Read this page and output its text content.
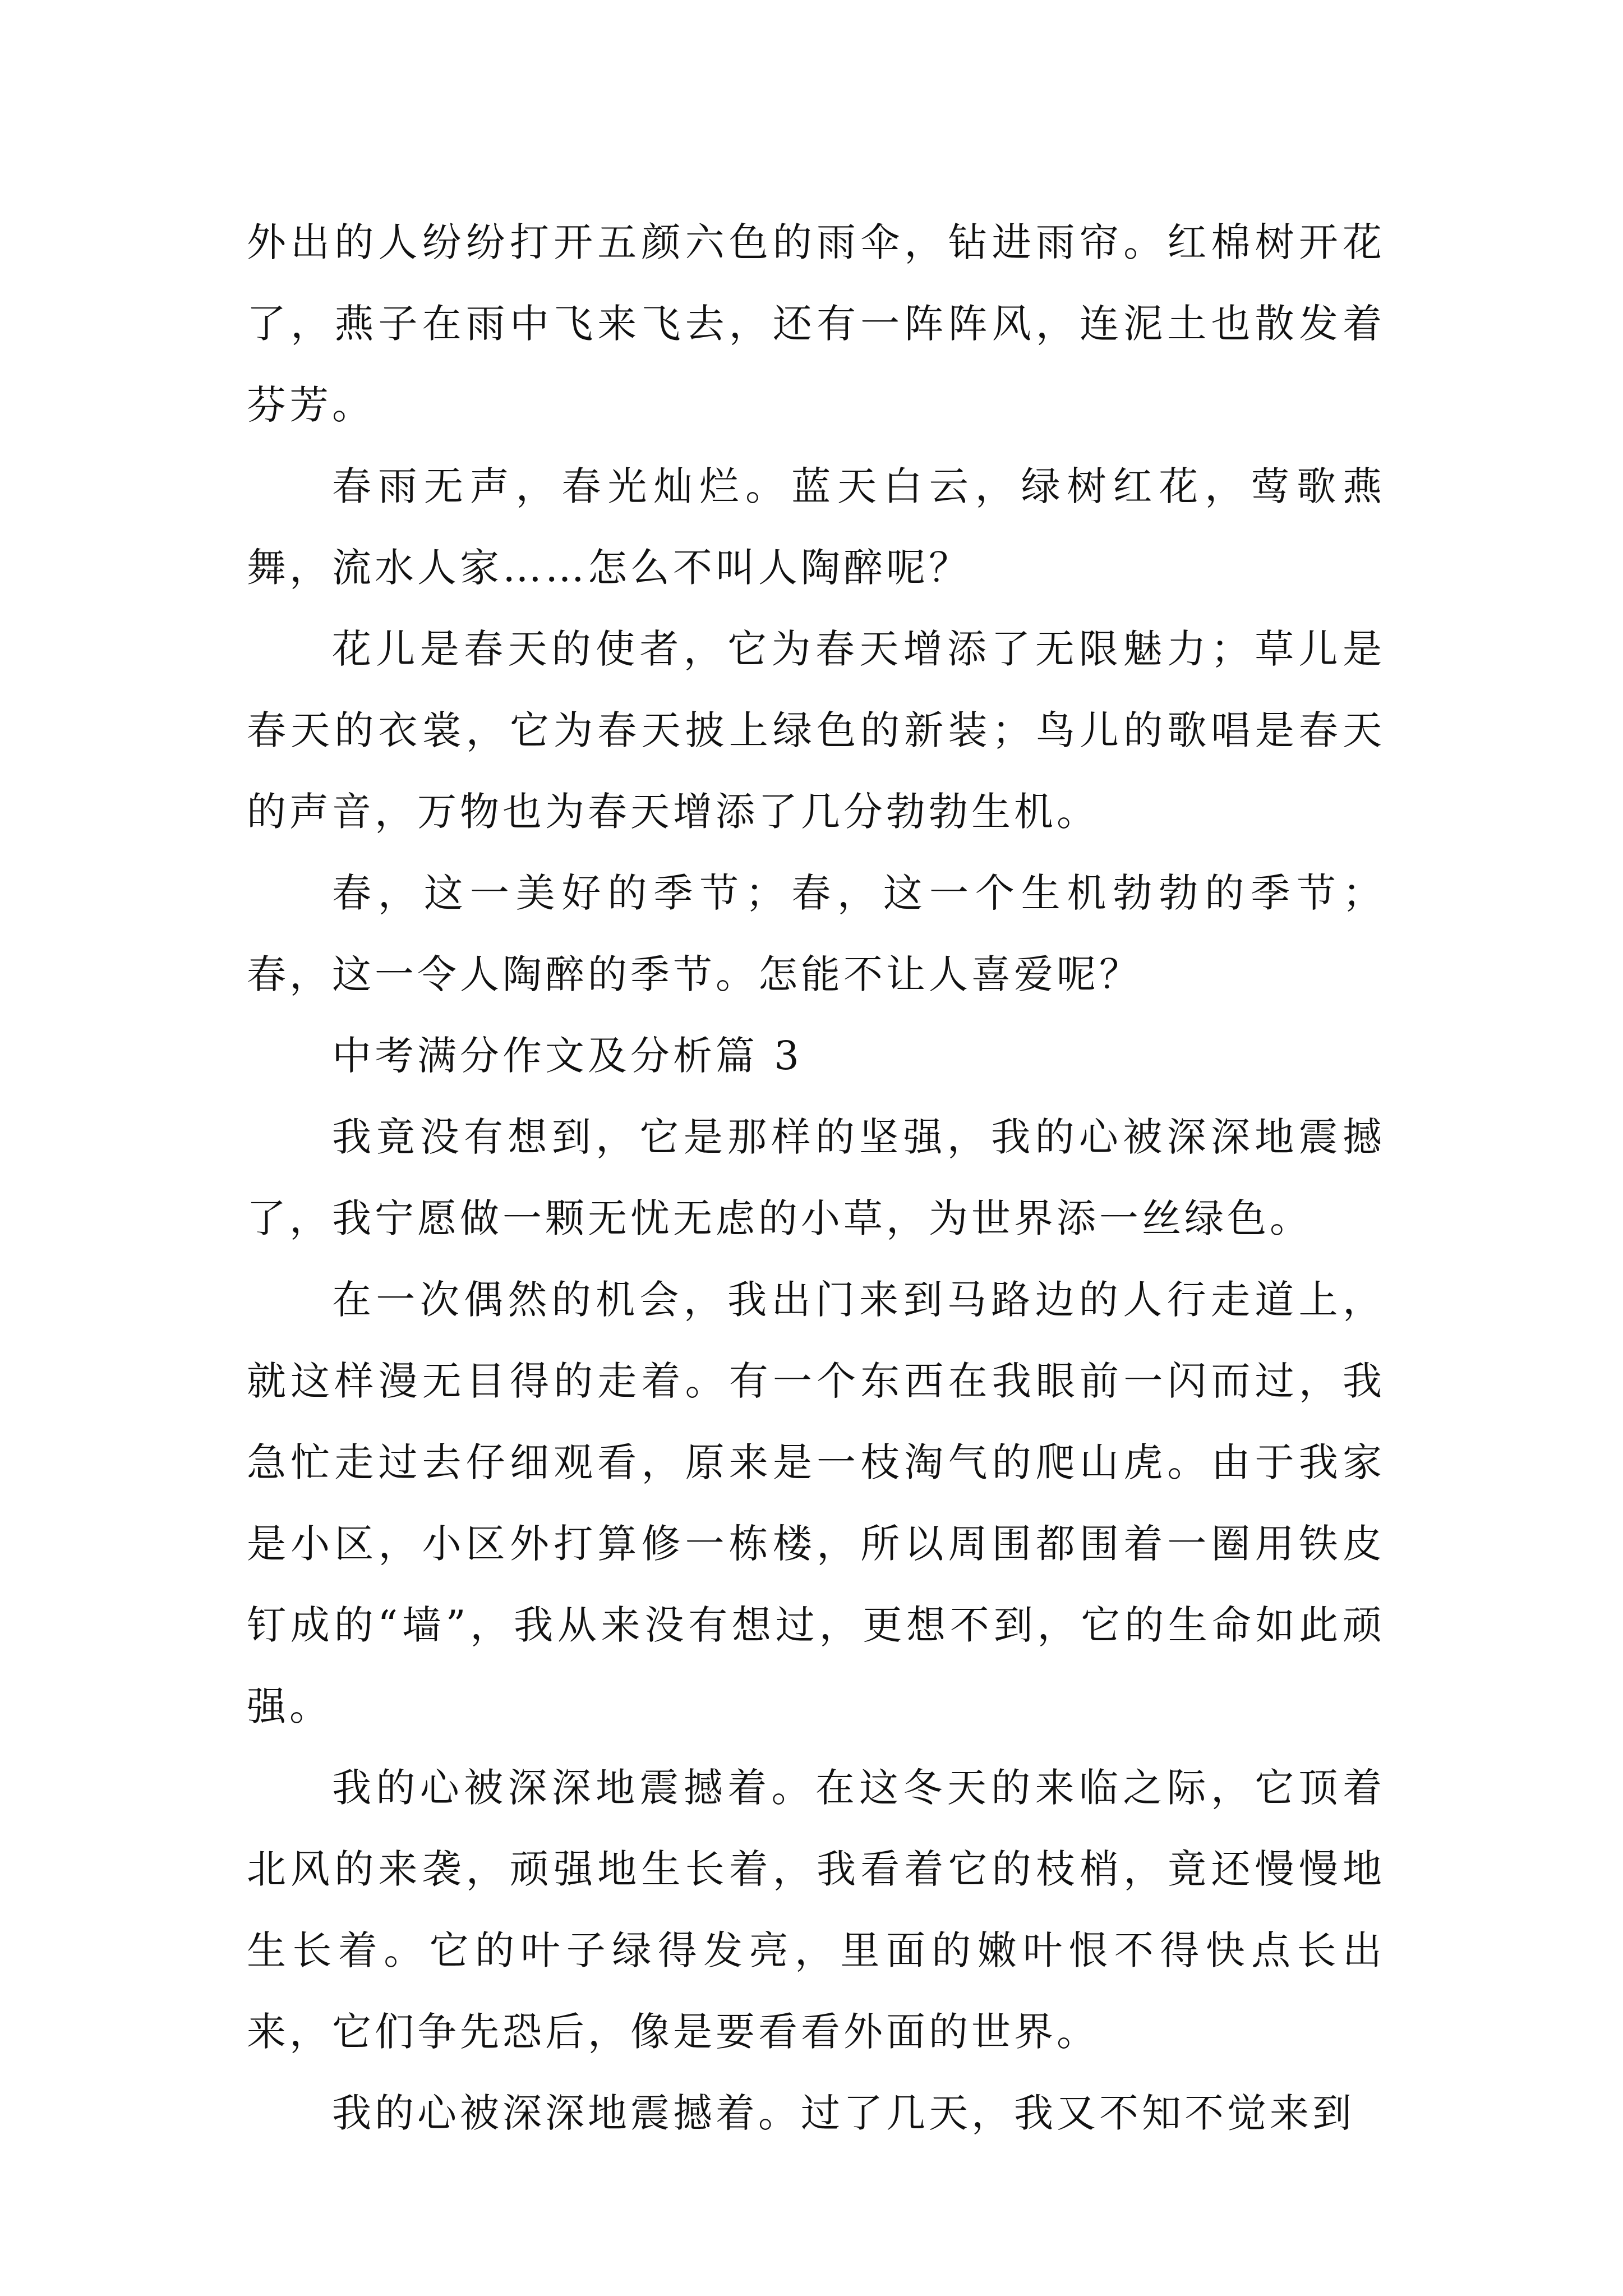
外出的人纷纷打开五颜六色的雨伞，钻进雨帘。红棉树开花了，燕子在雨中飞来飞去，还有一阵阵风，连泥土也散发着芬芳。

春雨无声，春光灿烂。蓝天白云，绿树红花，莺歌燕舞，流水人家……怎么不叫人陶醉呢？

花儿是春天的使者，它为春天增添了无限魅力；草儿是春天的衣裳，它为春天披上绿色的新装；鸟儿的歌唱是春天的声音，万物也为春天增添了几分勃勃生机。

春，这一美好的季节；春，这一个生机勃勃的季节；春，这一令人陶醉的季节。怎能不让人喜爱呢？

中考满分作文及分析篇 3

我竟没有想到，它是那样的坚强，我的心被深深地震撼了，我宁愿做一颗无忧无虑的小草，为世界添一丝绿色。

在一次偶然的机会，我出门来到马路边的人行走道上，就这样漫无目得的走着。有一个东西在我眼前一闪而过，我急忙走过去仔细观看，原来是一枝淘气的爬山虎。由于我家是小区，小区外打算修一栋楼，所以周围都围着一圈用铁皮钉成的“墙”，我从来没有想过，更想不到，它的生命如此顽强。

我的心被深深地震撼着。在这冬天的来临之际，它顶着北风的来袭，顽强地生长着，我看着它的枝梢，竟还慢慢地生长着。它的叶子绿得发亮，里面的嫩叶恨不得快点长出来，它们争先恐后，像是要看看外面的世界。

我的心被深深地震撼着。过了几天，我又不知不觉来到
